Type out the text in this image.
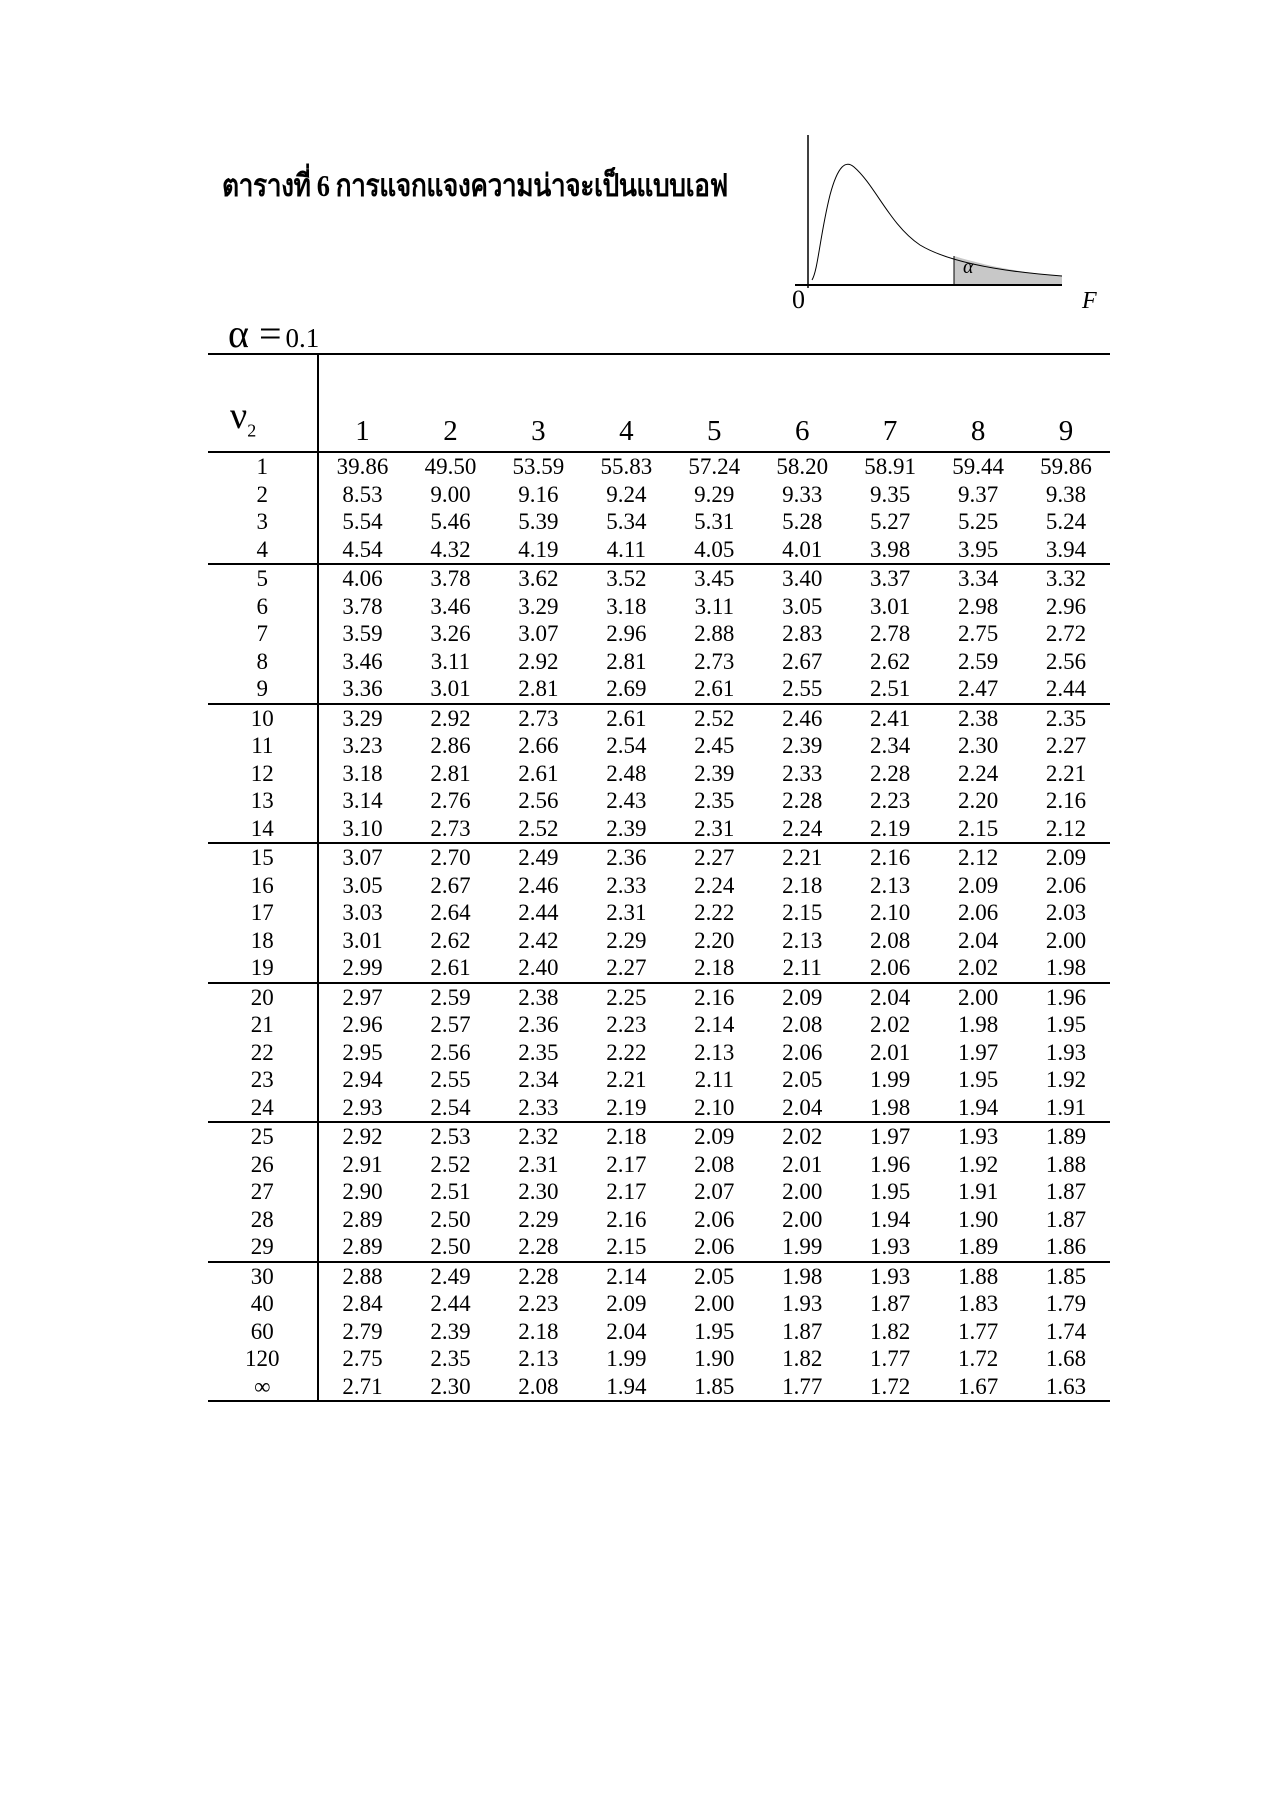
ตารางที่ 6 การแจกแจงความน่าจะเป็นแบบเอฟ
0
α
F
α = 0.1
$\nu_2$	1	2	3	4	5	6	7	8	9
1	39.86	49.50	53.59	55.83	57.24	58.20	58.91	59.44	59.86
2	8.53	9.00	9.16	9.24	9.29	9.33	9.35	9.37	9.38
3	5.54	5.46	5.39	5.34	5.31	5.28	5.27	5.25	5.24
4	4.54	4.32	4.19	4.11	4.05	4.01	3.98	3.95	3.94
5	4.06	3.78	3.62	3.52	3.45	3.40	3.37	3.34	3.32
6	3.78	3.46	3.29	3.18	3.11	3.05	3.01	2.98	2.96
7	3.59	3.26	3.07	2.96	2.88	2.83	2.78	2.75	2.72
8	3.46	3.11	2.92	2.81	2.73	2.67	2.62	2.59	2.56
9	3.36	3.01	2.81	2.69	2.61	2.55	2.51	2.47	2.44
10	3.29	2.92	2.73	2.61	2.52	2.46	2.41	2.38	2.35
11	3.23	2.86	2.66	2.54	2.45	2.39	2.34	2.30	2.27
12	3.18	2.81	2.61	2.48	2.39	2.33	2.28	2.24	2.21
13	3.14	2.76	2.56	2.43	2.35	2.28	2.23	2.20	2.16
14	3.10	2.73	2.52	2.39	2.31	2.24	2.19	2.15	2.12
15	3.07	2.70	2.49	2.36	2.27	2.21	2.16	2.12	2.09
16	3.05	2.67	2.46	2.33	2.24	2.18	2.13	2.09	2.06
17	3.03	2.64	2.44	2.31	2.22	2.15	2.10	2.06	2.03
18	3.01	2.62	2.42	2.29	2.20	2.13	2.08	2.04	2.00
19	2.99	2.61	2.40	2.27	2.18	2.11	2.06	2.02	1.98
20	2.97	2.59	2.38	2.25	2.16	2.09	2.04	2.00	1.96
21	2.96	2.57	2.36	2.23	2.14	2.08	2.02	1.98	1.95
22	2.95	2.56	2.35	2.22	2.13	2.06	2.01	1.97	1.93
23	2.94	2.55	2.34	2.21	2.11	2.05	1.99	1.95	1.92
24	2.93	2.54	2.33	2.19	2.10	2.04	1.98	1.94	1.91
25	2.92	2.53	2.32	2.18	2.09	2.02	1.97	1.93	1.89
26	2.91	2.52	2.31	2.17	2.08	2.01	1.96	1.92	1.88
27	2.90	2.51	2.30	2.17	2.07	2.00	1.95	1.91	1.87
28	2.89	2.50	2.29	2.16	2.06	2.00	1.94	1.90	1.87
29	2.89	2.50	2.28	2.15	2.06	1.99	1.93	1.89	1.86
30	2.88	2.49	2.28	2.14	2.05	1.98	1.93	1.88	1.85
40	2.84	2.44	2.23	2.09	2.00	1.93	1.87	1.83	1.79
60	2.79	2.39	2.18	2.04	1.95	1.87	1.82	1.77	1.74
120	2.75	2.35	2.13	1.99	1.90	1.82	1.77	1.72	1.68
∞	2.71	2.30	2.08	1.94	1.85	1.77	1.72	1.67	1.63
